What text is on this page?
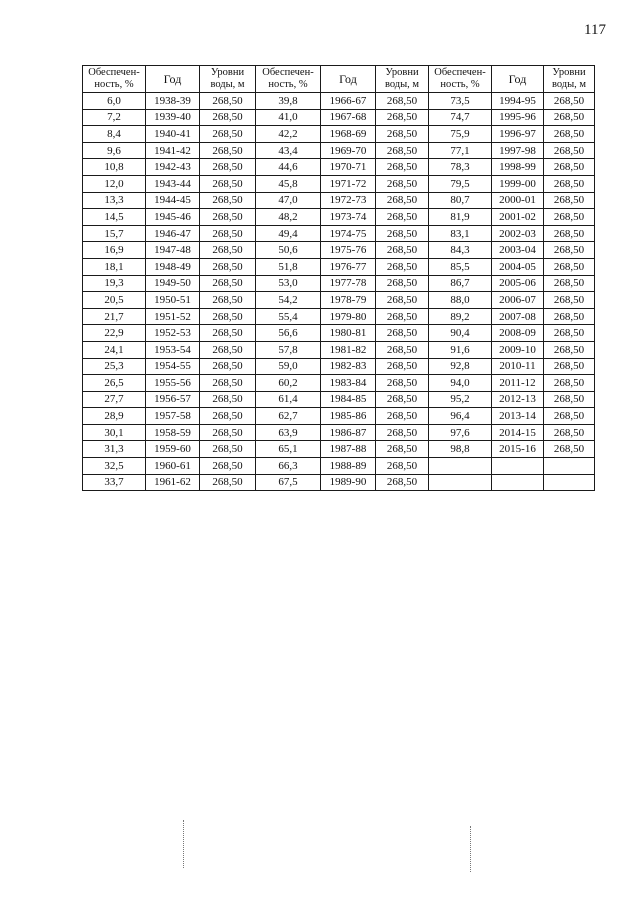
117
Обеспечен-ность, %	Год	Уровни воды, м	Обеспечен-ность, %	Год	Уровни воды, м	Обеспечен-ность, %	Год	Уровни воды, м
6,0	1938-39	268,50	39,8	1966-67	268,50	73,5	1994-95	268,50
7,2	1939-40	268,50	41,0	1967-68	268,50	74,7	1995-96	268,50
8,4	1940-41	268,50	42,2	1968-69	268,50	75,9	1996-97	268,50
9,6	1941-42	268,50	43,4	1969-70	268,50	77,1	1997-98	268,50
10,8	1942-43	268,50	44,6	1970-71	268,50	78,3	1998-99	268,50
12,0	1943-44	268,50	45,8	1971-72	268,50	79,5	1999-00	268,50
13,3	1944-45	268,50	47,0	1972-73	268,50	80,7	2000-01	268,50
14,5	1945-46	268,50	48,2	1973-74	268,50	81,9	2001-02	268,50
15,7	1946-47	268,50	49,4	1974-75	268,50	83,1	2002-03	268,50
16,9	1947-48	268,50	50,6	1975-76	268,50	84,3	2003-04	268,50
18,1	1948-49	268,50	51,8	1976-77	268,50	85,5	2004-05	268,50
19,3	1949-50	268,50	53,0	1977-78	268,50	86,7	2005-06	268,50
20,5	1950-51	268,50	54,2	1978-79	268,50	88,0	2006-07	268,50
21,7	1951-52	268,50	55,4	1979-80	268,50	89,2	2007-08	268,50
22,9	1952-53	268,50	56,6	1980-81	268,50	90,4	2008-09	268,50
24,1	1953-54	268,50	57,8	1981-82	268,50	91,6	2009-10	268,50
25,3	1954-55	268,50	59,0	1982-83	268,50	92,8	2010-11	268,50
26,5	1955-56	268,50	60,2	1983-84	268,50	94,0	2011-12	268,50
27,7	1956-57	268,50	61,4	1984-85	268,50	95,2	2012-13	268,50
28,9	1957-58	268,50	62,7	1985-86	268,50	96,4	2013-14	268,50
30,1	1958-59	268,50	63,9	1986-87	268,50	97,6	2014-15	268,50
31,3	1959-60	268,50	65,1	1987-88	268,50	98,8	2015-16	268,50
32,5	1960-61	268,50	66,3	1988-89	268,50			
33,7	1961-62	268,50	67,5	1989-90	268,50			
